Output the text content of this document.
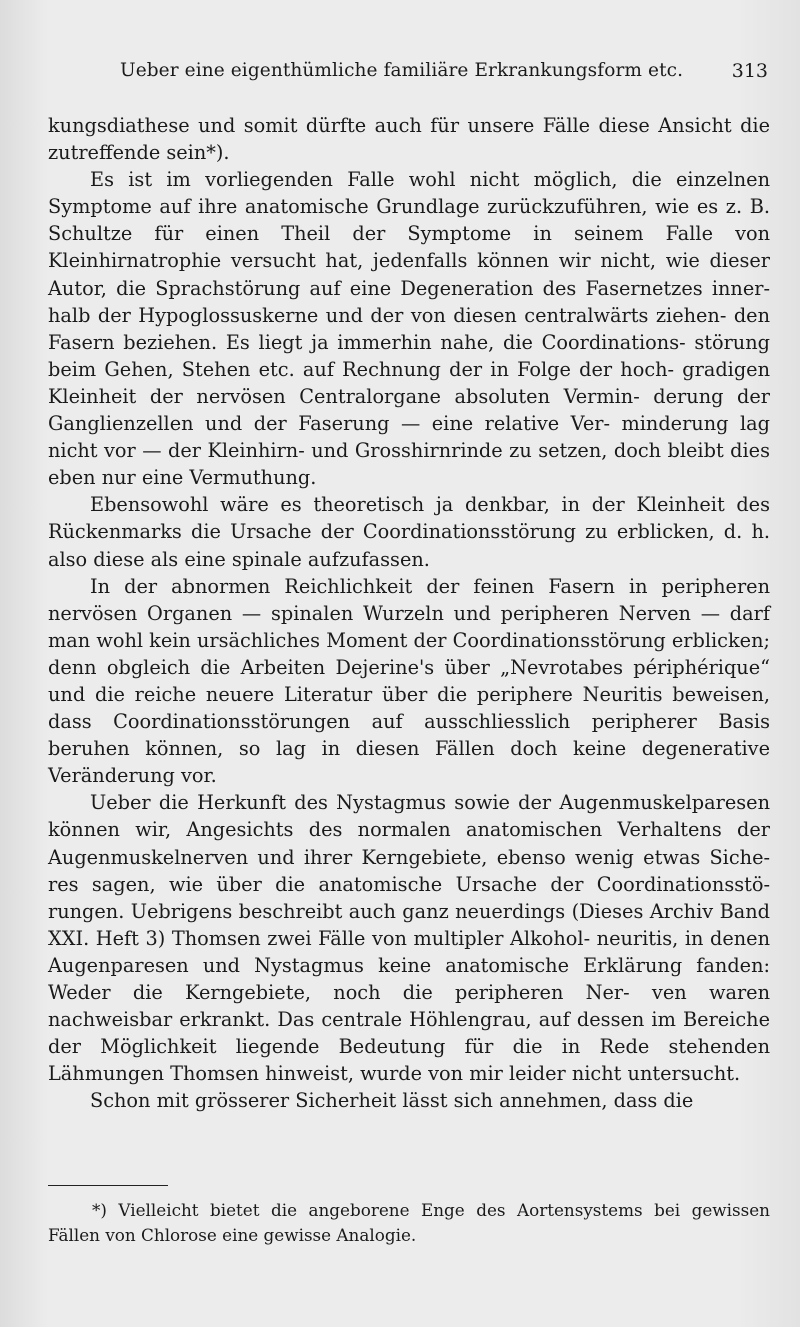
Ueber eine eigenthümliche familiäre Erkrankungsform etc.	313

kungsdiathese und somit dürfte auch für unsere Fälle diese Ansicht die zutreffende sein*).

Es ist im vorliegenden Falle wohl nicht möglich, die einzelnen Symptome auf ihre anatomische Grundlage zurückzuführen, wie es z. B. Schultze für einen Theil der Symptome in seinem Falle von Kleinhirnatrophie versucht hat, jedenfalls können wir nicht, wie dieser Autor, die Sprachstörung auf eine Degeneration des Fasernetzes inner- halb der Hypoglossuskerne und der von diesen centralwärts ziehen- den Fasern beziehen. Es liegt ja immerhin nahe, die Coordinations- störung beim Gehen, Stehen etc. auf Rechnung der in Folge der hoch- gradigen Kleinheit der nervösen Centralorgane absoluten Vermin- derung der Ganglienzellen und der Faserung — eine relative Ver- minderung lag nicht vor — der Kleinhirn- und Grosshirnrinde zu setzen, doch bleibt dies eben nur eine Vermuthung.

Ebensowohl wäre es theoretisch ja denkbar, in der Kleinheit des Rückenmarks die Ursache der Coordinationsstörung zu erblicken, d. h. also diese als eine spinale aufzufassen.

In der abnormen Reichlichkeit der feinen Fasern in peripheren nervösen Organen — spinalen Wurzeln und peripheren Nerven — darf man wohl kein ursächliches Moment der Coordinationsstörung erblicken; denn obgleich die Arbeiten Dejerine's über „Nevrotabes périphérique“ und die reiche neuere Literatur über die periphere Neuritis beweisen, dass Coordinationsstörungen auf ausschliesslich peripherer Basis beruhen können, so lag in diesen Fällen doch keine degenerative Veränderung vor.

Ueber die Herkunft des Nystagmus sowie der Augenmuskelparesen können wir, Angesichts des normalen anatomischen Verhaltens der Augenmuskelnerven und ihrer Kerngebiete, ebenso wenig etwas Siche- res sagen, wie über die anatomische Ursache der Coordinationsstö- rungen. Uebrigens beschreibt auch ganz neuerdings (Dieses Archiv Band XXI. Heft 3) Thomsen zwei Fälle von multipler Alkohol- neuritis, in denen Augenparesen und Nystagmus keine anatomische Erklärung fanden: Weder die Kerngebiete, noch die peripheren Ner- ven waren nachweisbar erkrankt. Das centrale Höhlengrau, auf dessen im Bereiche der Möglichkeit liegende Bedeutung für die in Rede stehenden Lähmungen Thomsen hinweist, wurde von mir leider nicht untersucht.

Schon mit grösserer Sicherheit lässt sich annehmen, dass die

*) Vielleicht bietet die angeborene Enge des Aortensystems bei gewissen Fällen von Chlorose eine gewisse Analogie.
